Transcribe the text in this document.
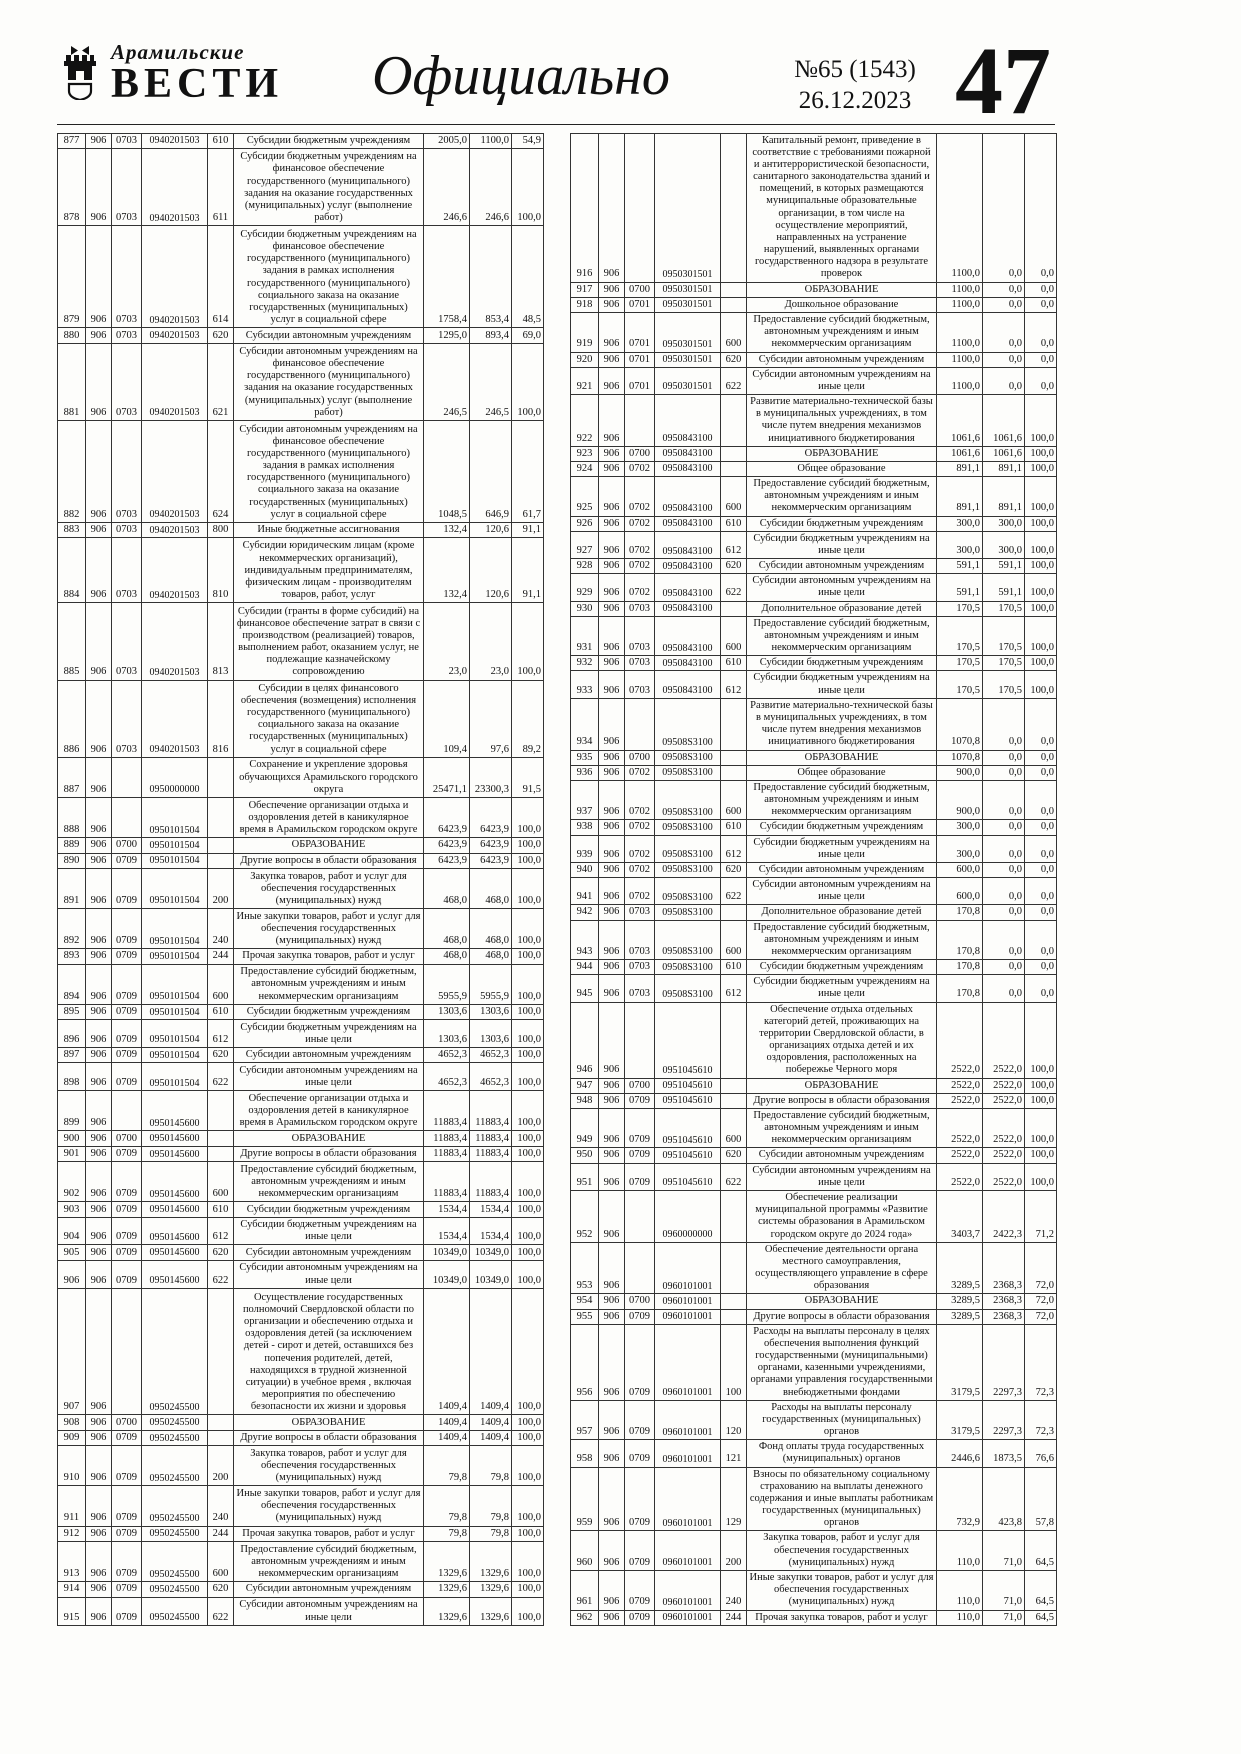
Арамильские
ВЕСТИ	Официально	№65 (1543)
26.12.2023 47
877	906	0703	0940201503	610	Субсидии бюджетным учреждениям	2005,0	1100,0	54,9
878	906	0703	0940201503	611	Субсидии бюджетным учреждениям на финансовое обеспечение государственного (муниципального) задания на оказание государственных (муниципальных) услуг (выполнение работ)	246,6	246,6	100,0
879	906	0703	0940201503	614	Субсидии бюджетным учреждениям на финансовое обеспечение государственного (муниципального) задания в рамках исполнения государственного (муниципального) социального заказа на оказание государственных (муниципальных) услуг в социальной сфере	1758,4	853,4	48,5
880	906	0703	0940201503	620	Субсидии автономным учреждениям	1295,0	893,4	69,0
881	906	0703	0940201503	621	Субсидии автономным учреждениям на финансовое обеспечение государственного (муниципального) задания на оказание государственных (муниципальных) услуг (выполнение работ)	246,5	246,5	100,0
882	906	0703	0940201503	624	Субсидии автономным учреждениям на финансовое обеспечение государственного (муниципального) задания в рамках исполнения государственного (муниципального) социального заказа на оказание государственных (муниципальных) услуг в социальной сфере	1048,5	646,9	61,7
883	906	0703	0940201503	800	Иные бюджетные ассигнования	132,4	120,6	91,1
884	906	0703	0940201503	810	Субсидии юридическим лицам (кроме некоммерческих организаций), индивидуальным предпринимателям, физическим лицам - производителям товаров, работ, услуг	132,4	120,6	91,1
885	906	0703	0940201503	813	Субсидии (гранты в форме субсидий) на финансовое обеспечение затрат в связи с производством (реализацией) товаров, выполнением работ, оказанием услуг, не подлежащие казначейскому сопровождению	23,0	23,0	100,0
886	906	0703	0940201503	816	Субсидии в целях финансового обеспечения (возмещения) исполнения государственного (муниципального) социального заказа на оказание государственных (муниципальных) услуг в социальной сфере	109,4	97,6	89,2
887	906		0950000000		Сохранение и укрепление здоровья обучающихся Арамильского городского округа	25471,1	23300,3	91,5
888	906		0950101504		Обеспечение организации отдыха и оздоровления детей в каникулярное время в Арамильском городском округе	6423,9	6423,9	100,0
889	906	0700	0950101504		ОБРАЗОВАНИЕ	6423,9	6423,9	100,0
890	906	0709	0950101504		Другие вопросы в области образования	6423,9	6423,9	100,0
891	906	0709	0950101504	200	Закупка товаров, работ и услуг для обеспечения государственных (муниципальных) нужд	468,0	468,0	100,0
892	906	0709	0950101504	240	Иные закупки товаров, работ и услуг для обеспечения государственных (муниципальных) нужд	468,0	468,0	100,0
893	906	0709	0950101504	244	Прочая закупка товаров, работ и услуг	468,0	468,0	100,0
894	906	0709	0950101504	600	Предоставление субсидий бюджетным, автономным учреждениям и иным некоммерческим организациям	5955,9	5955,9	100,0
895	906	0709	0950101504	610	Субсидии бюджетным учреждениям	1303,6	1303,6	100,0
896	906	0709	0950101504	612	Субсидии бюджетным учреждениям на иные цели	1303,6	1303,6	100,0
897	906	0709	0950101504	620	Субсидии автономным учреждениям	4652,3	4652,3	100,0
898	906	0709	0950101504	622	Субсидии автономным учреждениям на иные цели	4652,3	4652,3	100,0
899	906		0950145600		Обеспечение организации отдыха и оздоровления детей в каникулярное время в Арамильском городском округе	11883,4	11883,4	100,0
900	906	0700	0950145600		ОБРАЗОВАНИЕ	11883,4	11883,4	100,0
901	906	0709	0950145600		Другие вопросы в области образования	11883,4	11883,4	100,0
902	906	0709	0950145600	600	Предоставление субсидий бюджетным, автономным учреждениям и иным некоммерческим организациям	11883,4	11883,4	100,0
903	906	0709	0950145600	610	Субсидии бюджетным учреждениям	1534,4	1534,4	100,0
904	906	0709	0950145600	612	Субсидии бюджетным учреждениям на иные цели	1534,4	1534,4	100,0
905	906	0709	0950145600	620	Субсидии автономным учреждениям	10349,0	10349,0	100,0
906	906	0709	0950145600	622	Субсидии автономным учреждениям на иные цели	10349,0	10349,0	100,0
907	906		0950245500		Осуществление государственных полномочий Свердловской области по организации и обеспечению отдыха и оздоровления детей (за исключением детей - сирот и детей, оставшихся без попечения родителей, детей, находящихся в трудной жизненной ситуации) в учебное время , включая мероприятия по обеспечению безопасности их жизни и здоровья	1409,4	1409,4	100,0
908	906	0700	0950245500		ОБРАЗОВАНИЕ	1409,4	1409,4	100,0
909	906	0709	0950245500		Другие вопросы в области образования	1409,4	1409,4	100,0
910	906	0709	0950245500	200	Закупка товаров, работ и услуг для обеспечения государственных (муниципальных) нужд	79,8	79,8	100,0
911	906	0709	0950245500	240	Иные закупки товаров, работ и услуг для обеспечения государственных (муниципальных) нужд	79,8	79,8	100,0
912	906	0709	0950245500	244	Прочая закупка товаров, работ и услуг	79,8	79,8	100,0
913	906	0709	0950245500	600	Предоставление субсидий бюджетным, автономным учреждениям и иным некоммерческим организациям	1329,6	1329,6	100,0
914	906	0709	0950245500	620	Субсидии автономным учреждениям	1329,6	1329,6	100,0
915	906	0709	0950245500	622	Субсидии автономным учреждениям на иные цели	1329,6	1329,6	100,0
916	906		0950301501		Капитальный ремонт, приведение в соответствие с требованиями пожарной и антитеррористической безопасности, санитарного законодательства зданий и помещений, в которых размещаются муниципальные образовательные организации, в том числе на осуществление мероприятий, направленных на устранение нарушений, выявленных органами государственного надзора в результате проверок	1100,0	0,0	0,0
917	906	0700	0950301501		ОБРАЗОВАНИЕ	1100,0	0,0	0,0
918	906	0701	0950301501		Дошкольное образование	1100,0	0,0	0,0
919	906	0701	0950301501	600	Предоставление субсидий бюджетным, автономным учреждениям и иным некоммерческим организациям	1100,0	0,0	0,0
920	906	0701	0950301501	620	Субсидии автономным учреждениям	1100,0	0,0	0,0
921	906	0701	0950301501	622	Субсидии автономным учреждениям на иные цели	1100,0	0,0	0,0
922	906		0950843100		Развитие материально-технической базы в муниципальных учреждениях, в том числе путем внедрения механизмов инициативного бюджетирования	1061,6	1061,6	100,0
923	906	0700	0950843100		ОБРАЗОВАНИЕ	1061,6	1061,6	100,0
924	906	0702	0950843100		Общее образование	891,1	891,1	100,0
925	906	0702	0950843100	600	Предоставление субсидий бюджетным, автономным учреждениям и иным некоммерческим организациям	891,1	891,1	100,0
926	906	0702	0950843100	610	Субсидии бюджетным учреждениям	300,0	300,0	100,0
927	906	0702	0950843100	612	Субсидии бюджетным учреждениям на иные цели	300,0	300,0	100,0
928	906	0702	0950843100	620	Субсидии автономным учреждениям	591,1	591,1	100,0
929	906	0702	0950843100	622	Субсидии автономным учреждениям на иные цели	591,1	591,1	100,0
930	906	0703	0950843100		Дополнительное образование детей	170,5	170,5	100,0
931	906	0703	0950843100	600	Предоставление субсидий бюджетным, автономным учреждениям и иным некоммерческим организациям	170,5	170,5	100,0
932	906	0703	0950843100	610	Субсидии бюджетным учреждениям	170,5	170,5	100,0
933	906	0703	0950843100	612	Субсидии бюджетным учреждениям на иные цели	170,5	170,5	100,0
934	906		09508S3100		Развитие материально-технической базы в муниципальных учреждениях, в том числе путем внедрения механизмов инициативного бюджетирования	1070,8	0,0	0,0
935	906	0700	09508S3100		ОБРАЗОВАНИЕ	1070,8	0,0	0,0
936	906	0702	09508S3100		Общее образование	900,0	0,0	0,0
937	906	0702	09508S3100	600	Предоставление субсидий бюджетным, автономным учреждениям и иным некоммерческим организациям	900,0	0,0	0,0
938	906	0702	09508S3100	610	Субсидии бюджетным учреждениям	300,0	0,0	0,0
939	906	0702	09508S3100	612	Субсидии бюджетным учреждениям на иные цели	300,0	0,0	0,0
940	906	0702	09508S3100	620	Субсидии автономным учреждениям	600,0	0,0	0,0
941	906	0702	09508S3100	622	Субсидии автономным учреждениям на иные цели	600,0	0,0	0,0
942	906	0703	09508S3100		Дополнительное образование детей	170,8	0,0	0,0
943	906	0703	09508S3100	600	Предоставление субсидий бюджетным, автономным учреждениям и иным некоммерческим организациям	170,8	0,0	0,0
944	906	0703	09508S3100	610	Субсидии бюджетным учреждениям	170,8	0,0	0,0
945	906	0703	09508S3100	612	Субсидии бюджетным учреждениям на иные цели	170,8	0,0	0,0
946	906		0951045610		Обеспечение отдыха отдельных категорий детей, проживающих на территории Свердловской области, в организациях отдыха детей и их оздоровления, расположенных на побережье Черного моря	2522,0	2522,0	100,0
947	906	0700	0951045610		ОБРАЗОВАНИЕ	2522,0	2522,0	100,0
948	906	0709	0951045610		Другие вопросы в области образования	2522,0	2522,0	100,0
949	906	0709	0951045610	600	Предоставление субсидий бюджетным, автономным учреждениям и иным некоммерческим организациям	2522,0	2522,0	100,0
950	906	0709	0951045610	620	Субсидии автономным учреждениям	2522,0	2522,0	100,0
951	906	0709	0951045610	622	Субсидии автономным учреждениям на иные цели	2522,0	2522,0	100,0
952	906		0960000000		Обеспечение реализации муниципальной программы «Развитие системы образования в Арамильском городском округе до 2024 года»	3403,7	2422,3	71,2
953	906		0960101001		Обеспечение деятельности органа местного самоуправления, осуществляющего управление в сфере образования	3289,5	2368,3	72,0
954	906	0700	0960101001		ОБРАЗОВАНИЕ	3289,5	2368,3	72,0
955	906	0709	0960101001		Другие вопросы в области образования	3289,5	2368,3	72,0
956	906	0709	0960101001	100	Расходы на выплаты персоналу в целях обеспечения выполнения функций государственными (муниципальными) органами, казенными учреждениями, органами управления государственными внебюджетными фондами	3179,5	2297,3	72,3
957	906	0709	0960101001	120	Расходы на выплаты персоналу государственных (муниципальных) органов	3179,5	2297,3	72,3
958	906	0709	0960101001	121	Фонд оплаты труда государственных (муниципальных) органов	2446,6	1873,5	76,6
959	906	0709	0960101001	129	Взносы по обязательному социальному страхованию на выплаты денежного содержания и иные выплаты работникам государственных (муниципальных) органов	732,9	423,8	57,8
960	906	0709	0960101001	200	Закупка товаров, работ и услуг для обеспечения государственных (муниципальных) нужд	110,0	71,0	64,5
961	906	0709	0960101001	240	Иные закупки товаров, работ и услуг для обеспечения государственных (муниципальных) нужд	110,0	71,0	64,5
962	906	0709	0960101001	244	Прочая закупка товаров, работ и услуг	110,0	71,0	64,5
